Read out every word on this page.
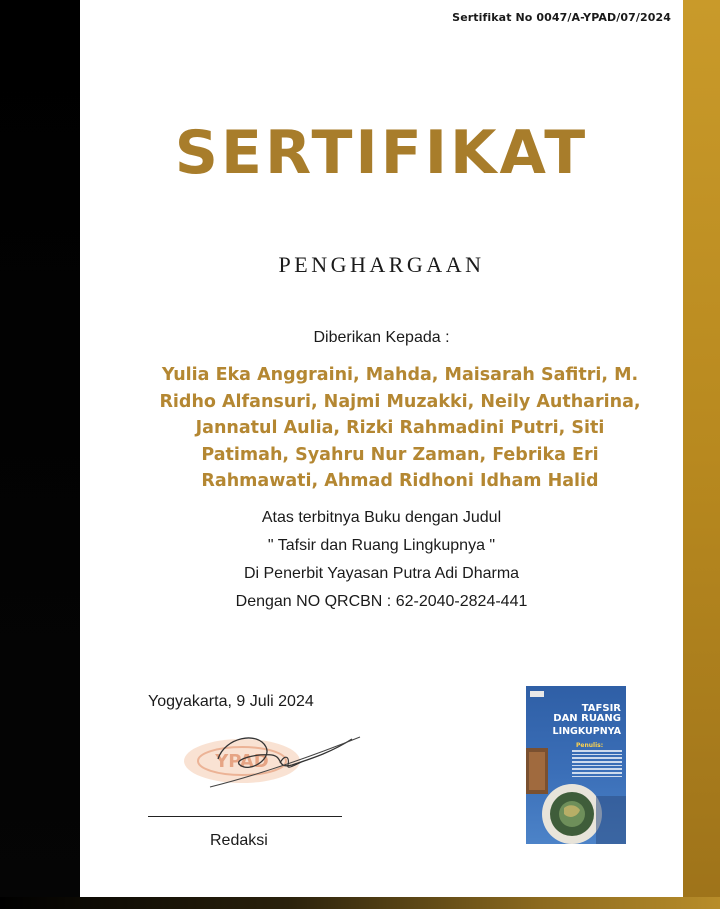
Sertifikat No 0047/A-YPAD/07/2024
SERTIFIKAT
PENGHARGAAN
Diberikan Kepada :
Yulia Eka Anggraini, Mahda, Maisarah Safitri, M. Ridho Alfansuri, Najmi Muzakki, Neily Autharina, Jannatul Aulia, Rizki Rahmadini Putri, Siti Patimah, Syahru Nur Zaman, Febrika Eri Rahmawati, Ahmad Ridhoni Idham Halid
Atas terbitnya Buku dengan Judul
" Tafsir dan Ruang Lingkupnya "
Di Penerbit Yayasan Putra Adi Dharma
Dengan NO QRCBN : 62-2040-2824-441
Yogyakarta, 9 Juli 2024
YPAD
Redaksi
TAFSIR
DAN RUANG
LINGKUPNYA
Penulis:
